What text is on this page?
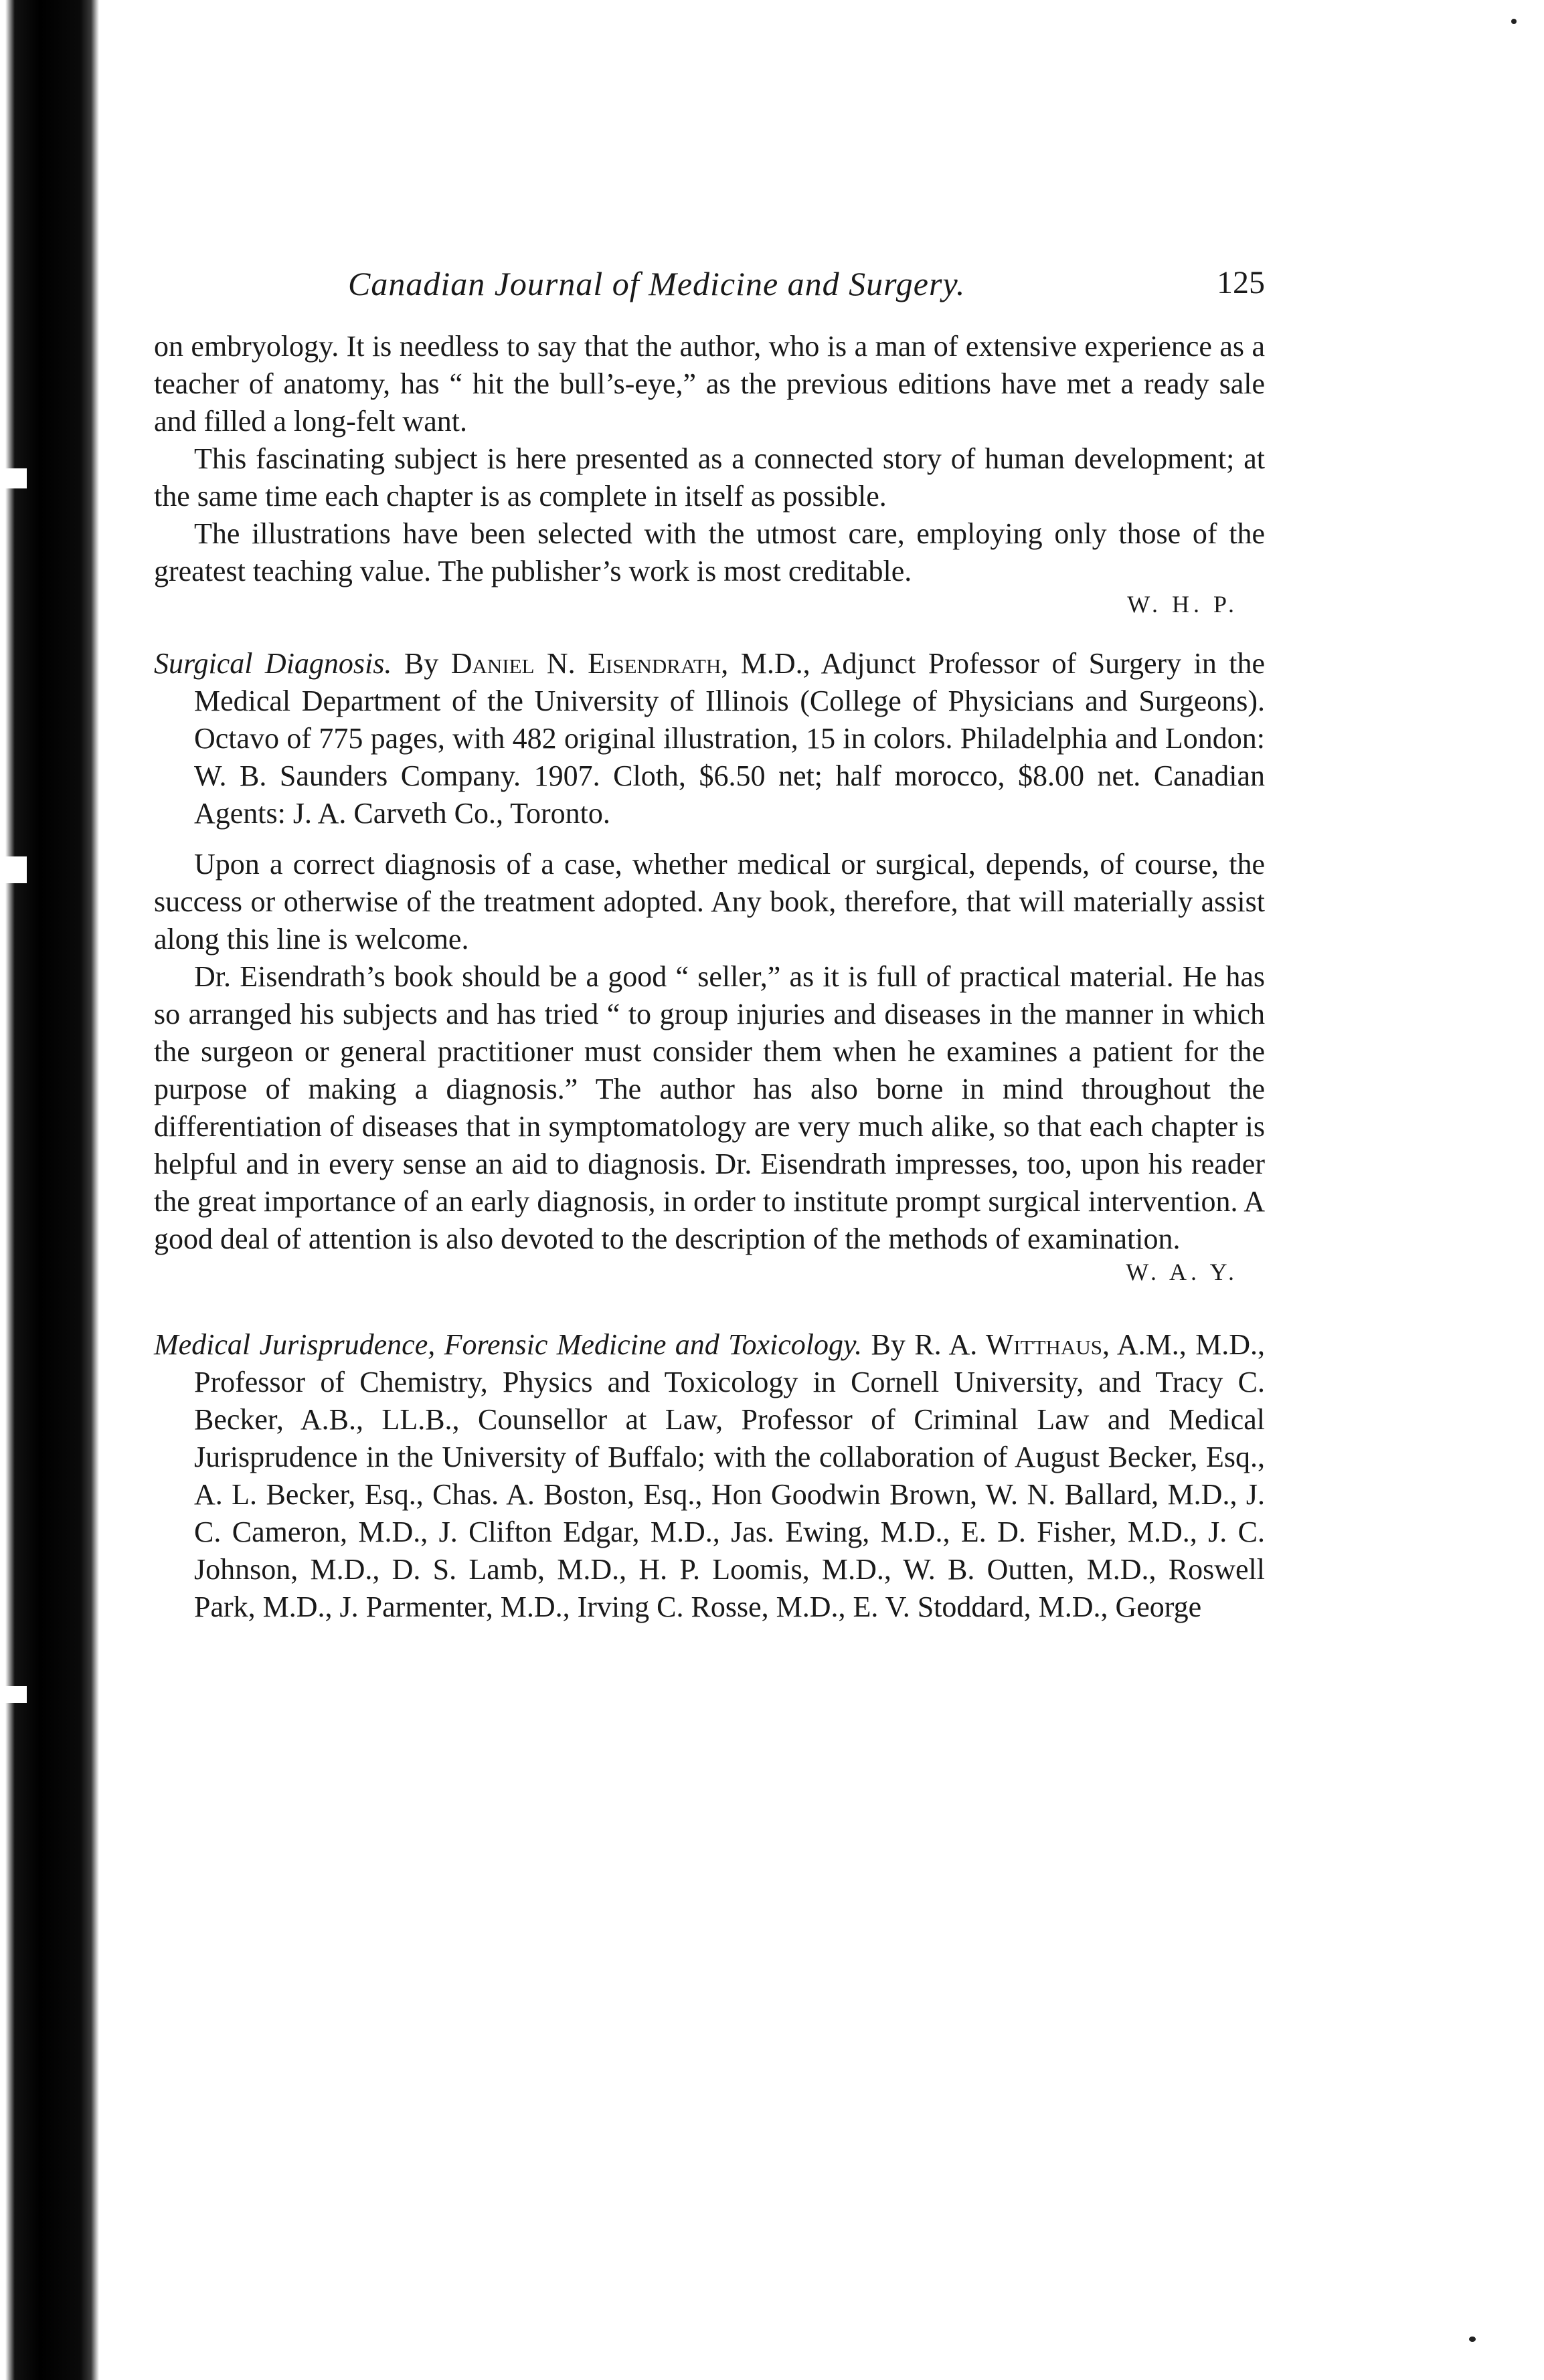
Canadian Journal of Medicine and Surgery.	125

on embryology. It is needless to say that the author, who is a man of extensive experience as a teacher of anatomy, has “ hit the bull’s-eye,” as the previous editions have met a ready sale and filled a long-felt want.

This fascinating subject is here presented as a connected story of human development; at the same time each chapter is as complete in itself as possible.

The illustrations have been selected with the utmost care, employing only those of the greatest teaching value. The publisher’s work is most creditable.

W. H. P.

Surgical Diagnosis. By Daniel N. Eisendrath, M.D., Adjunct Professor of Surgery in the Medical Department of the University of Illinois (College of Physicians and Surgeons). Octavo of 775 pages, with 482 original illustration, 15 in colors. Philadelphia and London: W. B. Saunders Company. 1907. Cloth, $6.50 net; half morocco, $8.00 net. Canadian Agents: J. A. Carveth Co., Toronto.

Upon a correct diagnosis of a case, whether medical or surgical, depends, of course, the success or otherwise of the treatment adopted. Any book, therefore, that will materially assist along this line is welcome.

Dr. Eisendrath’s book should be a good “ seller,” as it is full of practical material. He has so arranged his subjects and has tried “ to group injuries and diseases in the manner in which the surgeon or general practitioner must consider them when he examines a patient for the purpose of making a diagnosis.” The author has also borne in mind throughout the differentiation of diseases that in symptomatology are very much alike, so that each chapter is helpful and in every sense an aid to diagnosis. Dr. Eisendrath impresses, too, upon his reader the great importance of an early diagnosis, in order to institute prompt surgical intervention. A good deal of attention is also devoted to the description of the methods of examination.

W. A. Y.

Medical Jurisprudence, Forensic Medicine and Toxicology. By R. A. Witthaus, A.M., M.D., Professor of Chemistry, Physics and Toxicology in Cornell University, and Tracy C. Becker, A.B., LL.B., Counsellor at Law, Professor of Criminal Law and Medical Jurisprudence in the University of Buffalo; with the collaboration of August Becker, Esq., A. L. Becker, Esq., Chas. A. Boston, Esq., Hon Goodwin Brown, W. N. Ballard, M.D., J. C. Cameron, M.D., J. Clifton Edgar, M.D., Jas. Ewing, M.D., E. D. Fisher, M.D., J. C. Johnson, M.D., D. S. Lamb, M.D., H. P. Loomis, M.D., W. B. Outten, M.D., Roswell Park, M.D., J. Parmenter, M.D., Irving C. Rosse, M.D., E. V. Stoddard, M.D., George
